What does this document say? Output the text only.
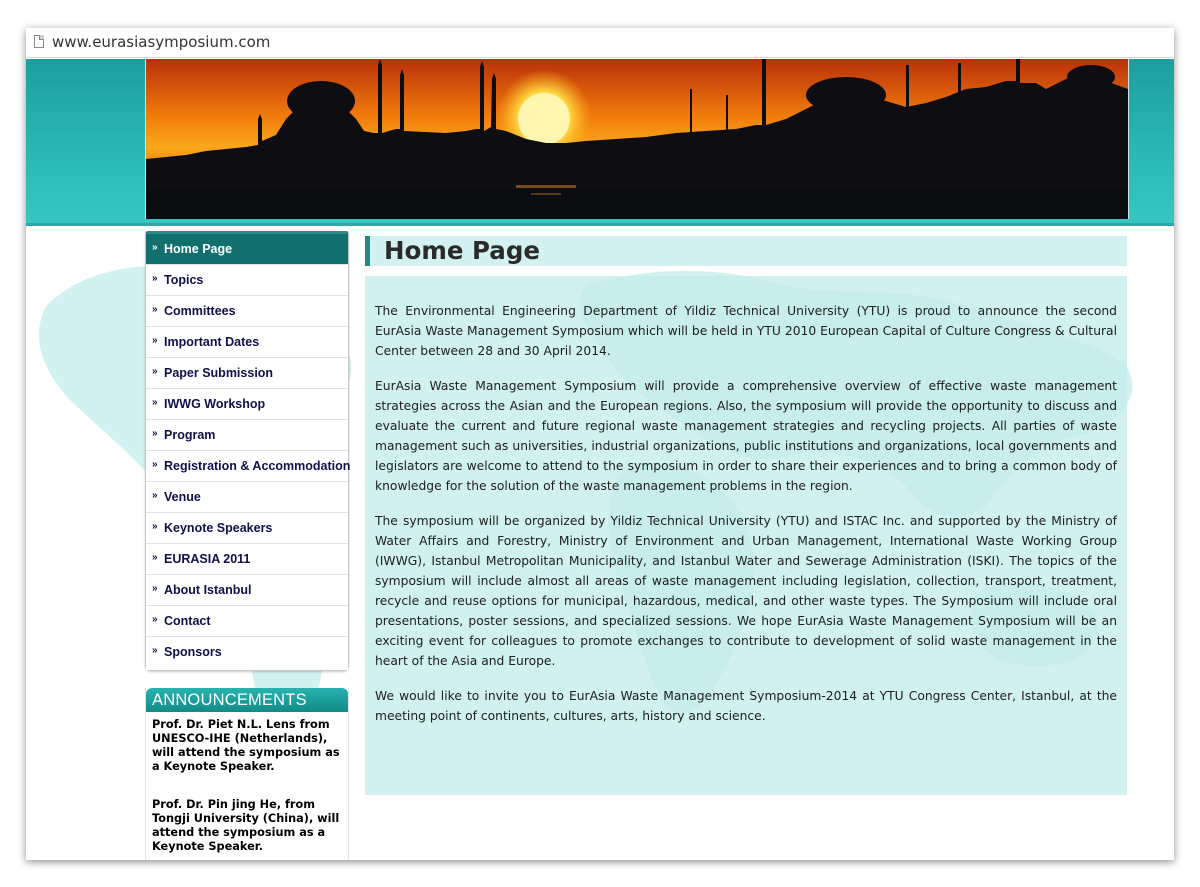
www.eurasiasymposium.com
» Home Page
» Topics
» Committees
» Important Dates
» Paper Submission
» IWWG Workshop
» Program
» Registration & Accommodation
» Venue
» Keynote Speakers
» EURASIA 2011
» About Istanbul
» Contact
» Sponsors
ANNOUNCEMENTS
Prof. Dr. Piet N.L. Lens from UNESCO-IHE (Netherlands), will attend the symposium as a Keynote Speaker.
Prof. Dr. Pin jing He, from Tongji University (China), will attend the symposium as a Keynote Speaker.
Home Page

The Environmental Engineering Department of Yildiz Technical University (YTU) is proud to announce the second EurAsia Waste Management Symposium which will be held in YTU 2010 European Capital of Culture Congress & Cultural Center between 28 and 30 April 2014.

EurAsia Waste Management Symposium will provide a comprehensive overview of effective waste management strategies across the Asian and the European regions. Also, the symposium will provide the opportunity to discuss and evaluate the current and future regional waste management strategies and recycling projects. All parties of waste management such as universities, industrial organizations, public institutions and organizations, local governments and legislators are welcome to attend to the symposium in order to share their experiences and to bring a common body of knowledge for the solution of the waste management problems in the region.

The symposium will be organized by Yildiz Technical University (YTU) and ISTAC Inc. and supported by the Ministry of Water Affairs and Forestry, Ministry of Environment and Urban Management, International Waste Working Group (IWWG), Istanbul Metropolitan Municipality, and Istanbul Water and Sewerage Administration (ISKI). The topics of the symposium will include almost all areas of waste management including legislation, collection, transport, treatment, recycle and reuse options for municipal, hazardous, medical, and other waste types. The Symposium will include oral presentations, poster sessions, and specialized sessions. We hope EurAsia Waste Management Symposium will be an exciting event for colleagues to promote exchanges to contribute to development of solid waste management in the heart of the Asia and Europe.

We would like to invite you to EurAsia Waste Management Symposium-2014 at YTU Congress Center, Istanbul, at the meeting point of continents, cultures, arts, history and science.
